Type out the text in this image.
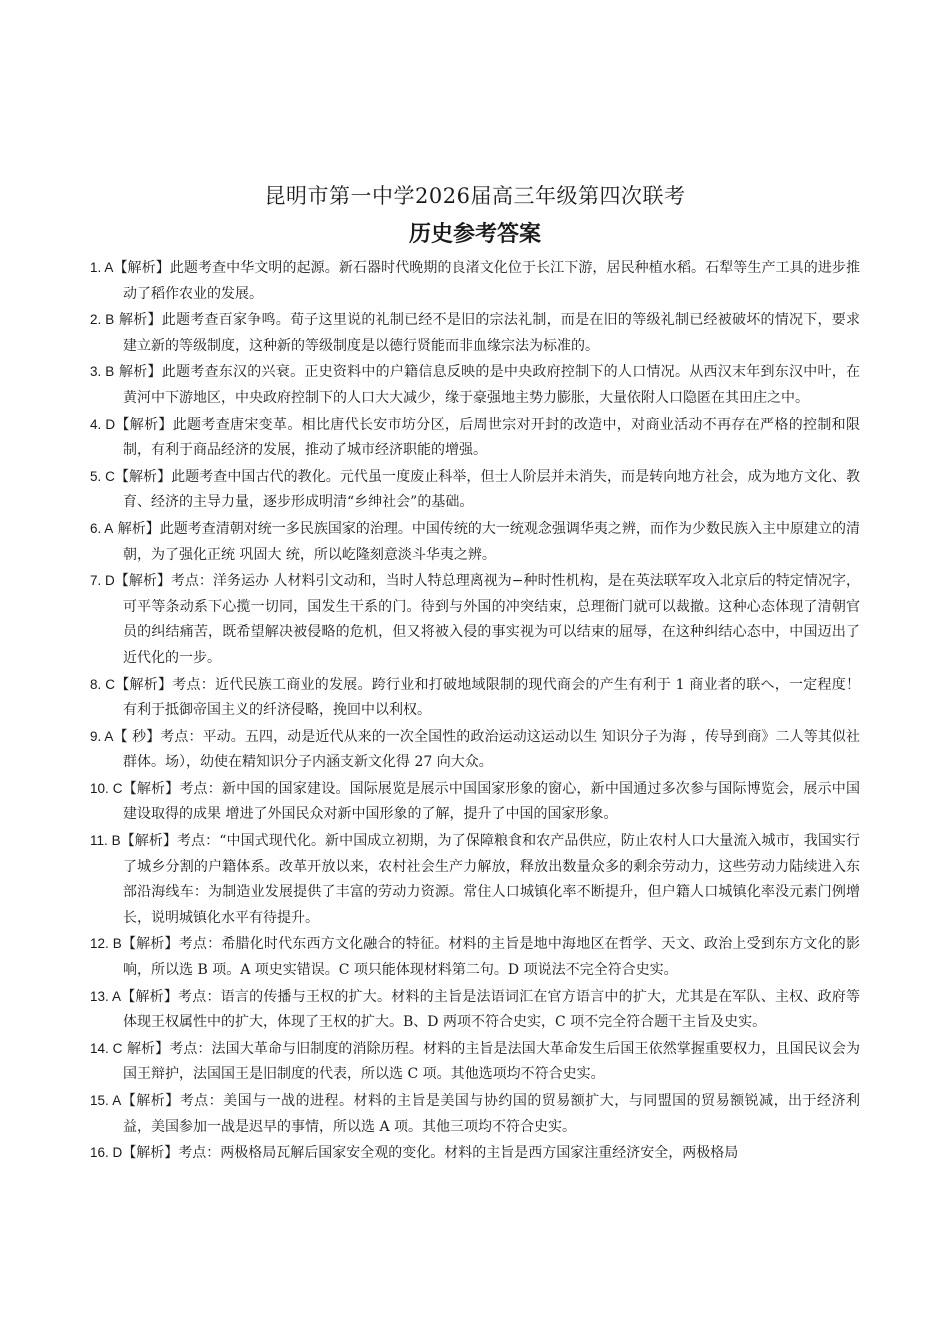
昆明市第一中学2026届高三年级第四次联考
历史参考答案

1. A【解析】此题考查中华文明的起源。新石器时代晚期的良渚文化位于长江下游，居民种植水稻。石犁等生产工具的进步推动了稻作农业的发展。

2. B 解析】此题考查百家争鸣。荀子这里说的礼制已经不是旧的宗法礼制，而是在旧的等级礼制已经被破坏的情况下，要求建立新的等级制度，这种新的等级制度是以德行贤能而非血缘宗法为标准的。

3. B 解析】此题考查东汉的兴衰。正史资料中的户籍信息反映的是中央政府控制下的人口情况。从西汉末年到东汉中叶，在黄河中下游地区，中央政府控制下的人口大大减少，缘于豪强地主势力膨胀，大量依附人口隐匿在其田庄之中。

4. D【解析】此题考查唐宋变革。相比唐代长安市坊分区，后周世宗对开封的改造中，对商业活动不再存在严格的控制和限制，有利于商品经济的发展，推动了城市经济职能的增强。

5. C【解析】此题考查中国古代的教化。元代虽一度废止科举，但士人阶层并未消失，而是转向地方社会，成为地方文化、教育、经济的主导力量，逐步形成明清“乡绅社会”的基础。

6. A 解析】此题考查清朝对统一多民族国家的治理。中国传统的大一统观念强调华夷之辨，而作为少数民族入主中原建立的清朝，为了强化正统 巩固大 统，所以屹隆刻意淡斗华夷之辨。

7. D【解析】考点：洋务运办 人材料引文动和，当时人特总理离视为−种时性机构，是在英法联军攻入北京后的特定情况字，可平等条动系下心揽一切同，国发生干系的门。待到与外国的冲突结束，总理衙门就可以裁撤。这种心态体现了清朝官员的纠结痛苦，既希望解决被侵略的危机，但又将被入侵的事实视为可以结束的屈辱，在这种纠结心态中，中国迈出了近代化的一步。

8. C【解析】考点：近代民族工商业的发展。跨行业和打破地域限制的现代商会的产生有利于 1 商业者的联へ，一定程度！有利于抵御帝国主义的纤济侵略，挽回中以利权。

9. A【 秒】考点：平动。五四，动是近代从来的一次全国性的政治运动这运动以生 知识分子为海 ，传导到商》二人等其似社群体。场），幼使在精知识分子内涵支新文化得 27 向大众。

10. C【解析】考点：新中国的国家建设。国际展览是展示中国国家形象的窗心，新中国通过多次参与国际博览会，展示中国建设取得的成果 增进了外国民众对新中国形象的了解，提升了中国的国家形象。

11. B【解析】考点：“中国式现代化。新中国成立初期，为了保障粮食和农产品供应，防止农村人口大量流入城市，我国实行了城乡分割的户籍体系。改革开放以来，农村社会生产力解放，释放出数量众多的剩余劳动力，这些劳动力陆续进入东部沿海线车：为制造业发展提供了丰富的劳动力资源。常住人口城镇化率不断提升，但户籍人口城镇化率没元素门例增长，说明城镇化水平有待提升。

12. B【解析】考点：希腊化时代东西方文化融合的特征。材料的主旨是地中海地区在哲学、天文、政治上受到东方文化的影响，所以选 B 项。A 项史实错误。C 项只能体现材料第二句。D 项说法不完全符合史实。

13. A【解析】考点：语言的传播与王权的扩大。材料的主旨是法语词汇在官方语言中的扩大，尤其是在军队、主权、政府等体现王权属性中的扩大，体现了王权的扩大。B、D 两项不符合史实，C 项不完全符合题干主旨及史实。

14. C 解析】考点：法国大革命与旧制度的消除历程。材料的主旨是法国大革命发生后国王依然掌握重要权力，且国民议会为国王辩护，法国国王是旧制度的代表，所以选 C 项。其他选项均不符合史实。

15. A【解析】考点：美国与一战的进程。材料的主旨是美国与协约国的贸易额扩大，与同盟国的贸易额锐减，出于经济利益，美国参加一战是迟早的事情，所以选 A 项。其他三项均不符合史实。

16. D【解析】考点：两极格局瓦解后国家安全观的变化。材料的主旨是西方国家注重经济安全，两极格局
